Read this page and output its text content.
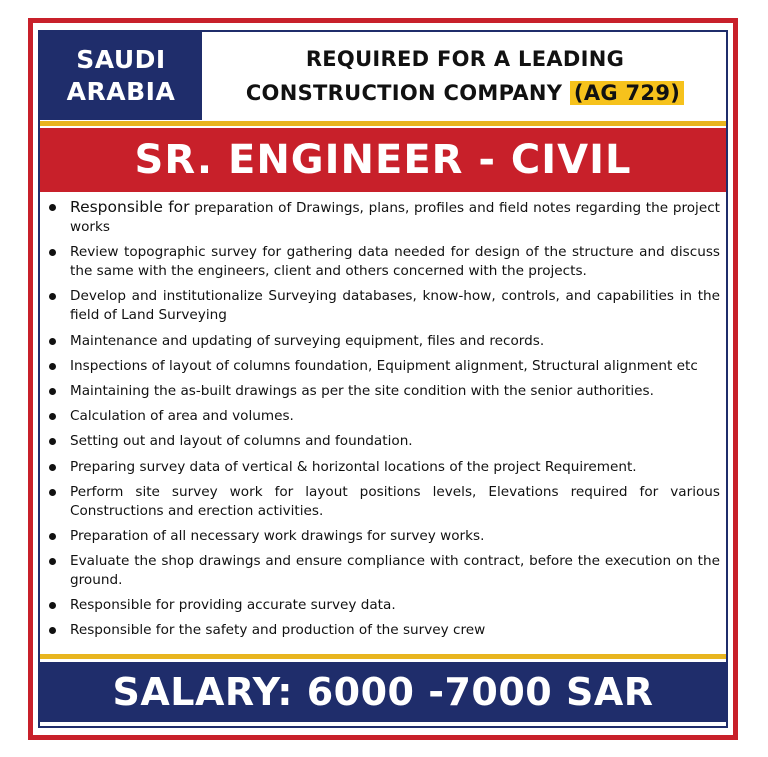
SAUDI
ARABIA
REQUIRED FOR A LEADING
CONSTRUCTION COMPANY (AG 729)
SR. ENGINEER - CIVIL
Responsible for preparation of Drawings, plans, profiles and field notes regarding the project works
Review topographic survey for gathering data needed for design of the structure and discuss the same with the engineers, client and others concerned with the projects.
Develop and institutionalize Surveying databases, know-how, controls, and capabilities in the field of Land Surveying
Maintenance and updating of surveying equipment, files and records.
Inspections of layout of columns foundation, Equipment alignment, Structural alignment etc
Maintaining the as-built drawings as per the site condition with the senior authorities.
Calculation of area and volumes.
Setting out and layout of columns and foundation.
Preparing survey data of vertical & horizontal locations of the project Requirement.
Perform site survey work for layout positions levels, Elevations required for various Constructions and erection activities.
Preparation of all necessary work drawings for survey works.
Evaluate the shop drawings and ensure compliance with contract, before the execution on the ground.
Responsible for providing accurate survey data.
Responsible for the safety and production of the survey crew
SALARY: 6000 -7000 SAR
